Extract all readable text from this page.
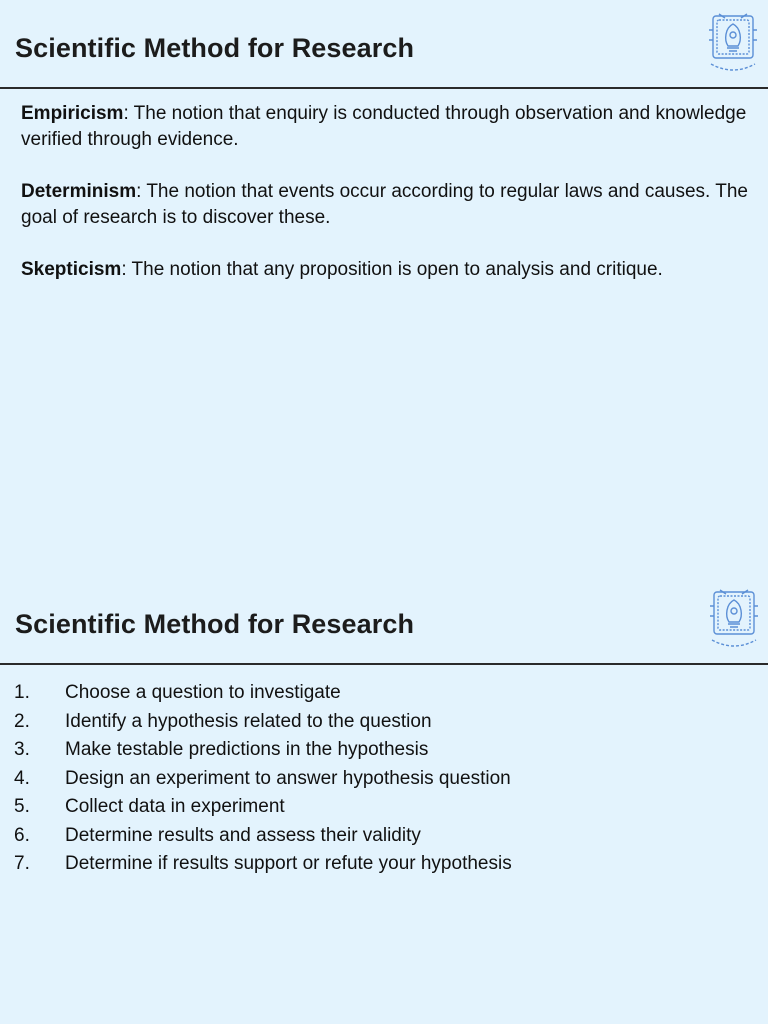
Scientific Method for Research

Empiricism: The notion that enquiry is conducted through observation and knowledge verified through evidence.

Determinism: The notion that events occur according to regular laws and causes. The goal of research is to discover these.

Skepticism: The notion that any proposition is open to analysis and critique.

Scientific Method for Research
1.	Choose a question to investigate
2.	Identify a hypothesis related to the question
3.	Make testable predictions in the hypothesis
4.	Design an experiment to answer hypothesis question
5.	Collect data in experiment
6.	Determine results and assess their validity
7.	Determine if results support or refute your hypothesis
